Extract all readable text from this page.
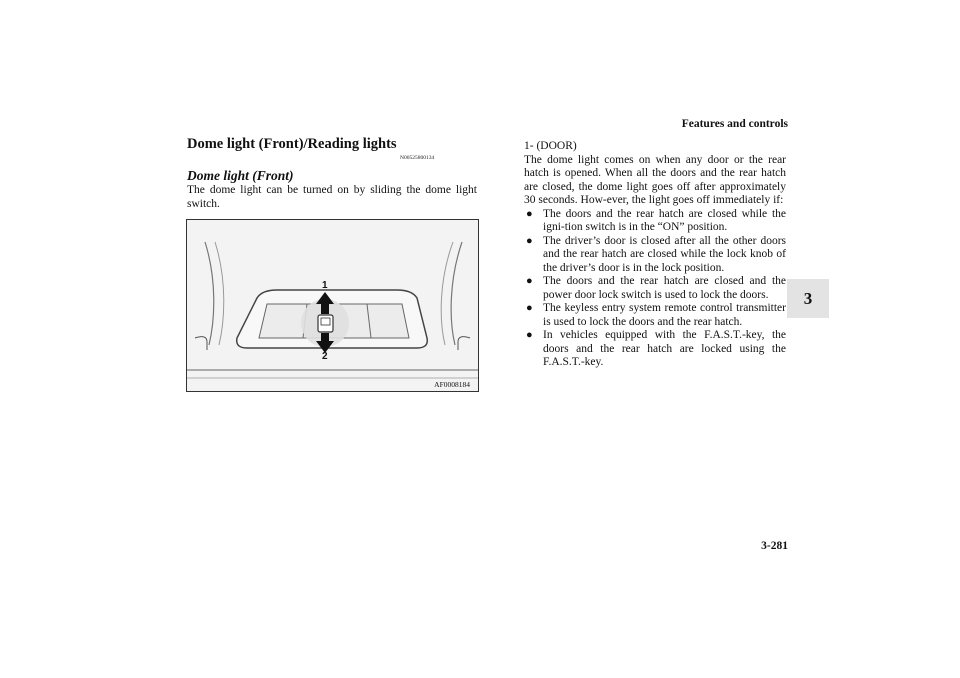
Features and controls
3
Dome light (Front)/Reading lights
N00525800134
Dome light (Front)
The dome light can be turned on by sliding the dome light switch.
1
2
AF0008184

1- (DOOR)

The dome light comes on when any door or the rear hatch is opened. When all the doors and the rear hatch are closed, the dome light goes off after approximately 30 seconds. How-ever, the light goes off immediately if:

● The doors and the rear hatch are closed while the igni-tion switch is in the “ON” position.
● The driver’s door is closed after all the other doors and the rear hatch are closed while the lock knob of the driver’s door is in the lock position.
● The doors and the rear hatch are closed and the power door lock switch is used to lock the doors.
● The keyless entry system remote control transmitter is used to lock the doors and the rear hatch.
● In vehicles equipped with the F.A.S.T.-key, the doors and the rear hatch are locked using the F.A.S.T.-key.
3-281
